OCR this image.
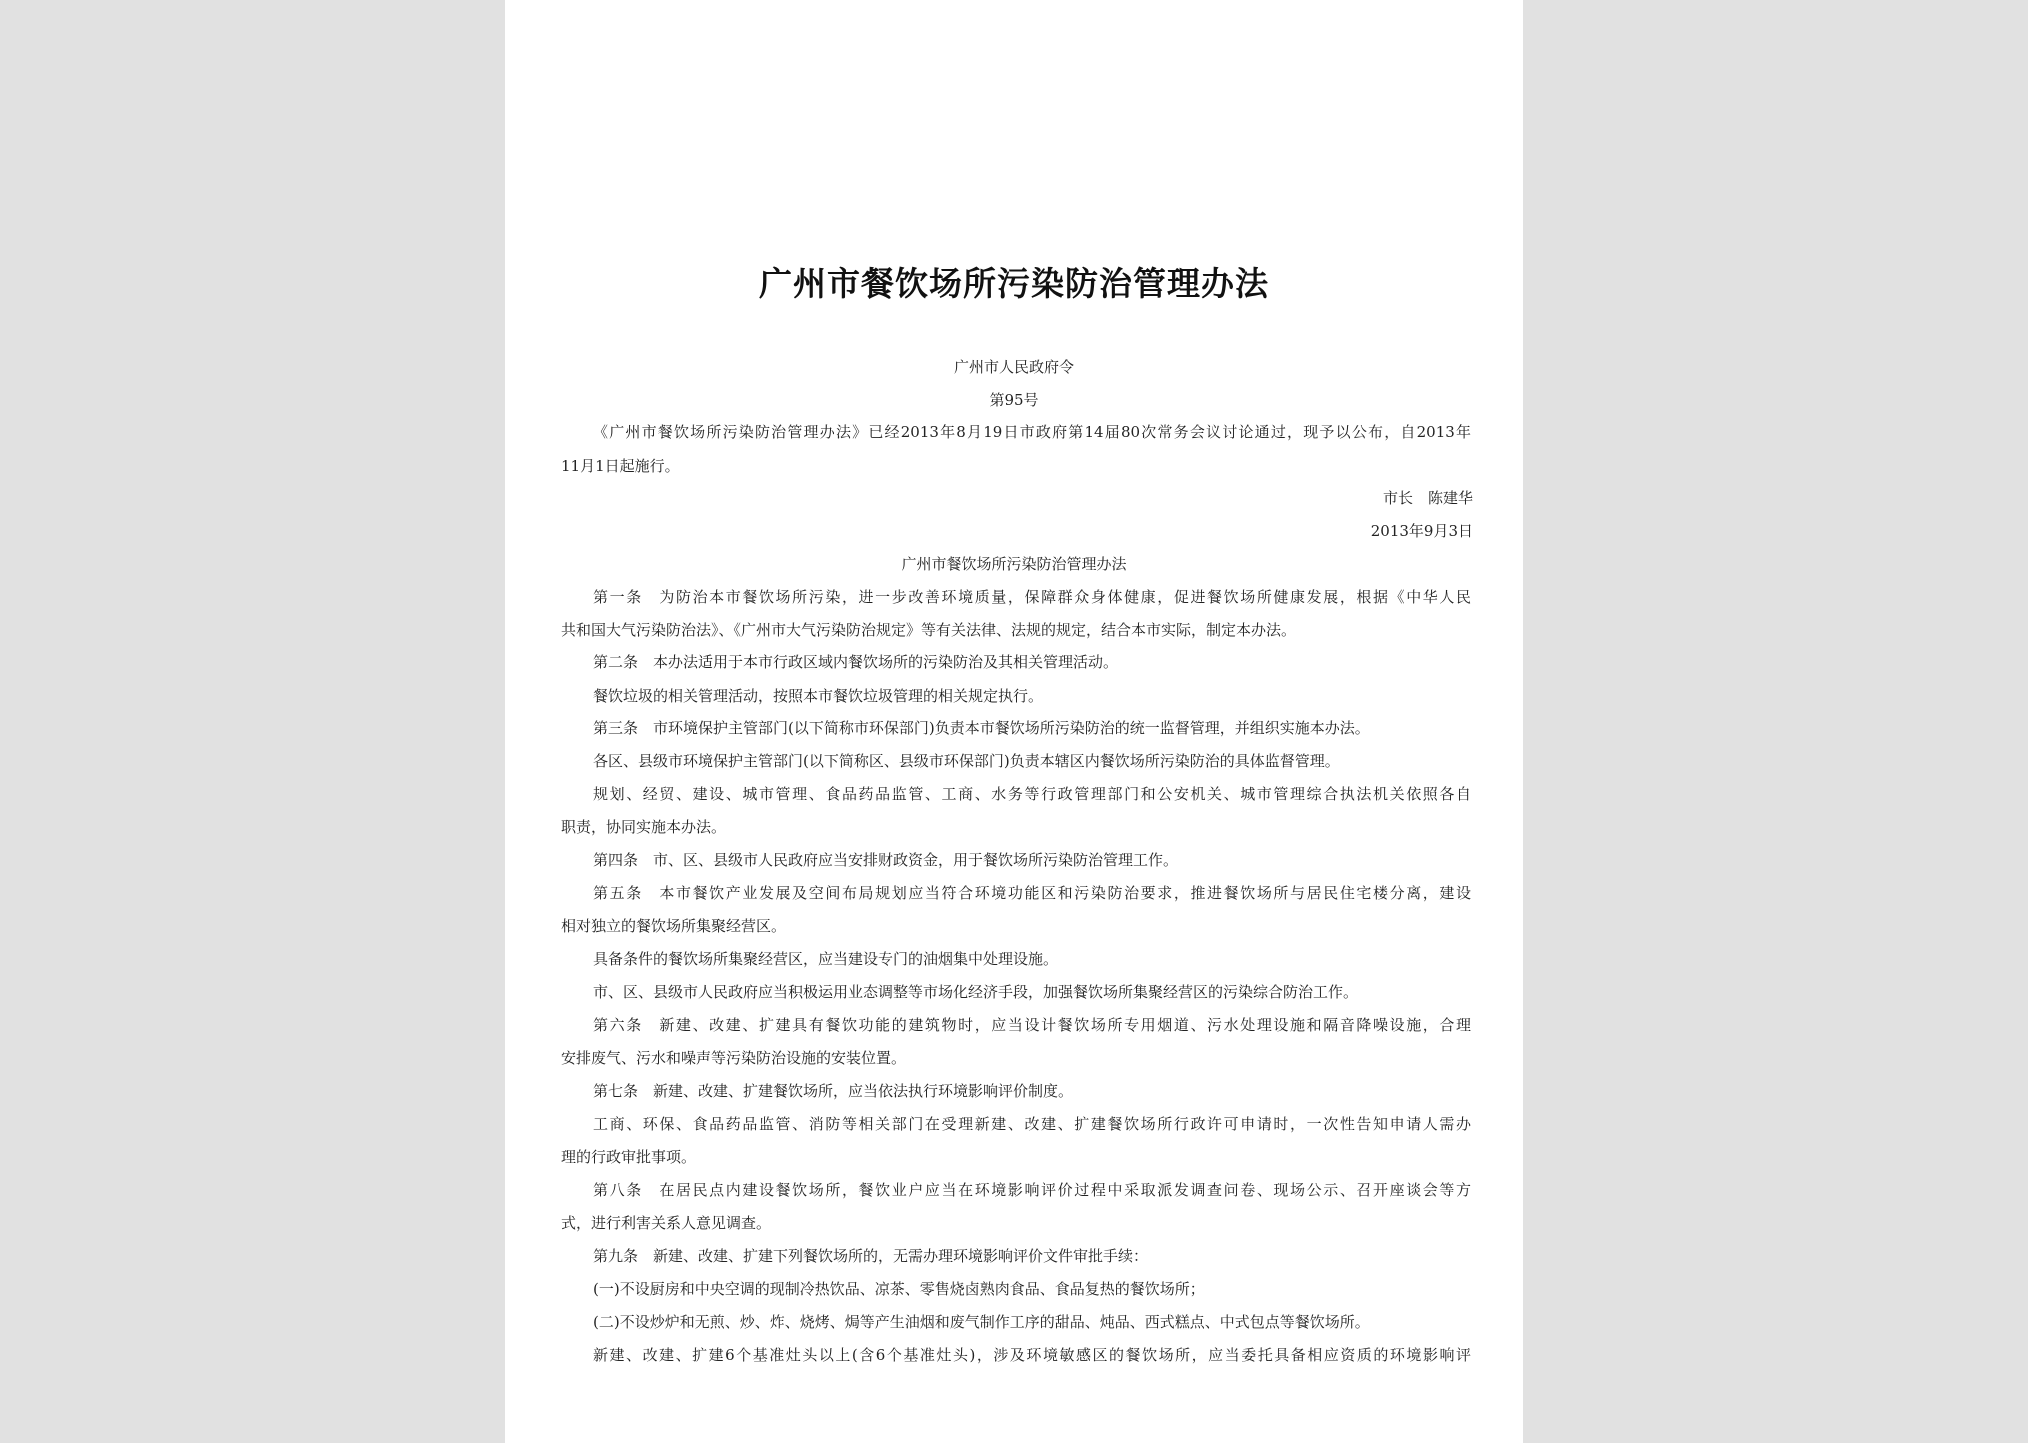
广州市餐饮场所污染防治管理办法
广州市人民政府令
第95号
《广州市餐饮场所污染防治管理办法》已经2013年8月19日市政府第14届80次常务会议讨论通过，现予以公布，自2013年
11月1日起施行。
市长　陈建华
2013年9月3日
广州市餐饮场所污染防治管理办法
第一条　为防治本市餐饮场所污染，进一步改善环境质量，保障群众身体健康，促进餐饮场所健康发展，根据《中华人民
共和国大气污染防治法》、《广州市大气污染防治规定》等有关法律、法规的规定，结合本市实际，制定本办法。
第二条　本办法适用于本市行政区域内餐饮场所的污染防治及其相关管理活动。
餐饮垃圾的相关管理活动，按照本市餐饮垃圾管理的相关规定执行。
第三条　市环境保护主管部门(以下简称市环保部门)负责本市餐饮场所污染防治的统一监督管理，并组织实施本办法。
各区、县级市环境保护主管部门(以下简称区、县级市环保部门)负责本辖区内餐饮场所污染防治的具体监督管理。
规划、经贸、建设、城市管理、食品药品监管、工商、水务等行政管理部门和公安机关、城市管理综合执法机关依照各自
职责，协同实施本办法。
第四条　市、区、县级市人民政府应当安排财政资金，用于餐饮场所污染防治管理工作。
第五条　本市餐饮产业发展及空间布局规划应当符合环境功能区和污染防治要求，推进餐饮场所与居民住宅楼分离，建设
相对独立的餐饮场所集聚经营区。
具备条件的餐饮场所集聚经营区，应当建设专门的油烟集中处理设施。
市、区、县级市人民政府应当积极运用业态调整等市场化经济手段，加强餐饮场所集聚经营区的污染综合防治工作。
第六条　新建、改建、扩建具有餐饮功能的建筑物时，应当设计餐饮场所专用烟道、污水处理设施和隔音降噪设施，合理
安排废气、污水和噪声等污染防治设施的安装位置。
第七条　新建、改建、扩建餐饮场所，应当依法执行环境影响评价制度。
工商、环保、食品药品监管、消防等相关部门在受理新建、改建、扩建餐饮场所行政许可申请时，一次性告知申请人需办
理的行政审批事项。
第八条　在居民点内建设餐饮场所，餐饮业户应当在环境影响评价过程中采取派发调查问卷、现场公示、召开座谈会等方
式，进行利害关系人意见调查。
第九条　新建、改建、扩建下列餐饮场所的，无需办理环境影响评价文件审批手续：
(一)不设厨房和中央空调的现制冷热饮品、凉茶、零售烧卤熟肉食品、食品复热的餐饮场所；
(二)不设炒炉和无煎、炒、炸、烧烤、焗等产生油烟和废气制作工序的甜品、炖品、西式糕点、中式包点等餐饮场所。
新建、改建、扩建6个基准灶头以上(含6个基准灶头)，涉及环境敏感区的餐饮场所，应当委托具备相应资质的环境影响评
